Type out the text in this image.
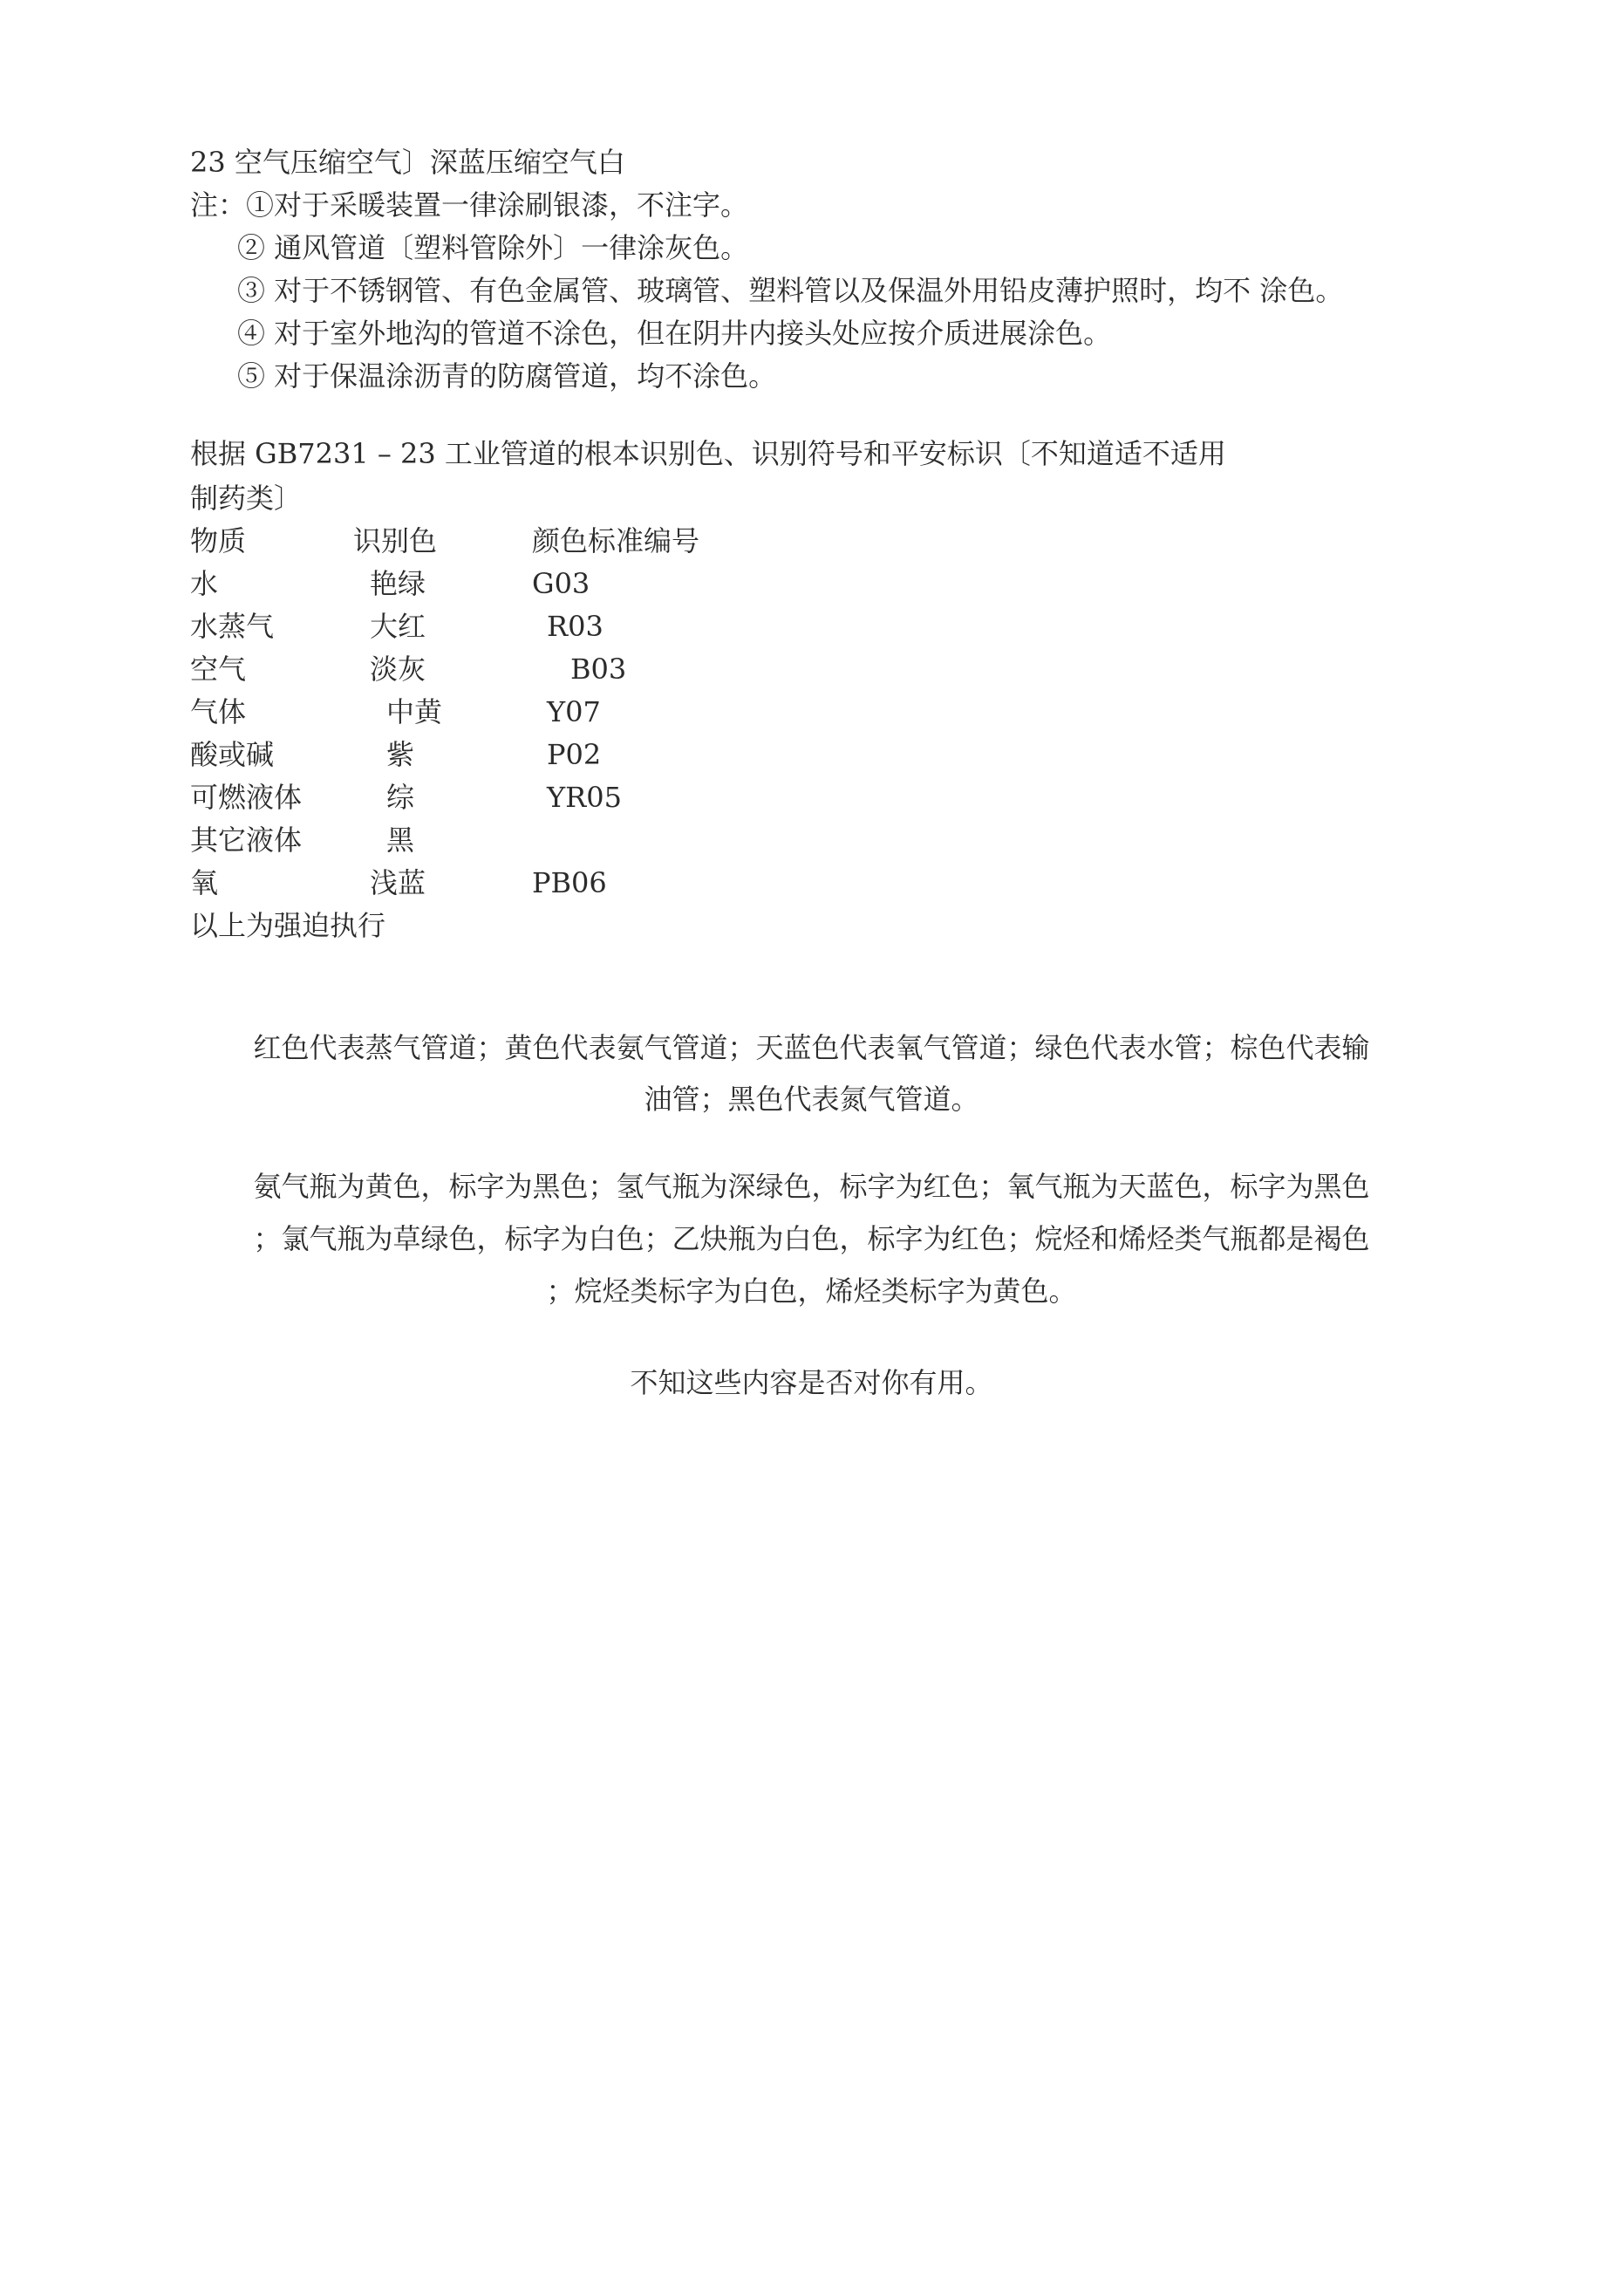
23 空气压缩空气〕深蓝压缩空气白
注： ①对于采暖装置一律涂刷银漆，不注字。
② 通风管道〔塑料管除外〕一律涂灰色。
③ 对于不锈钢管、有色金属管、玻璃管、塑料管以及保温外用铅皮薄护照时，均不 涂色。
④ 对于室外地沟的管道不涂色，但在阴井内接头处应按介质进展涂色。
⑤ 对于保温涂沥青的防腐管道，均不涂色。
根据 GB7231 – 23 工业管道的根本识别色、识别符号和平安标识〔不知道适不适用
制药类〕
物质	识别色	颜色标准编号
水	艳绿	G03
水蒸气	大红	R03
空气	淡灰	B03
气体	中黄	Y07
酸或碱	紫	P02
可燃液体	综	YR05
其它液体	黑
氧	浅蓝	PB06
以上为强迫执行
红色代表蒸气管道；黄色代表氨气管道；天蓝色代表氧气管道；绿色代表水管；棕色代表输
油管；黑色代表氮气管道。
氨气瓶为黄色，标字为黑色；氢气瓶为深绿色，标字为红色；氧气瓶为天蓝色，标字为黑色
；氯气瓶为草绿色，标字为白色；乙炔瓶为白色，标字为红色；烷烃和烯烃类气瓶都是褐色
；烷烃类标字为白色，烯烃类标字为黄色。
不知这些内容是否对你有用。
